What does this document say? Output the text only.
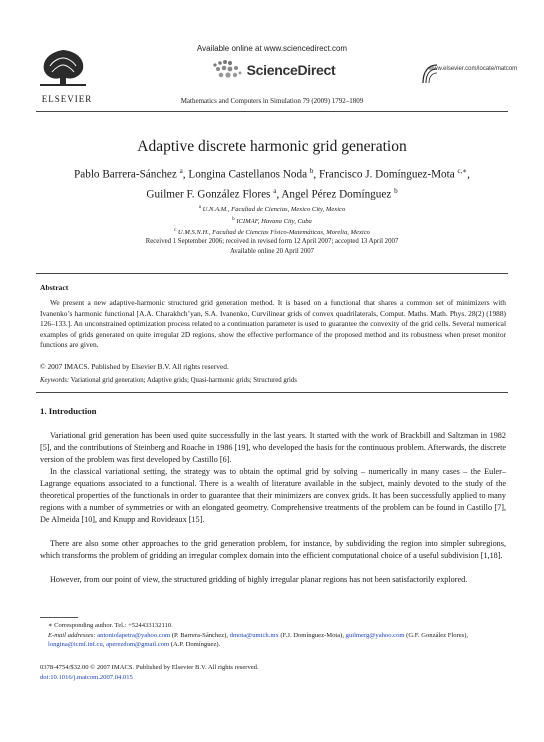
ELSEVIER
Available online at www.sciencedirect.com
ScienceDirect
Mathematics and Computers in Simulation 79 (2009) 1792–1809
www.elsevier.com/locate/matcom
Adaptive discrete harmonic grid generation
Pablo Barrera-Sánchez $^a$, Longina Castellanos Noda $^b$, Francisco J. Domínguez-Mota $^{c,∗}$,
Guilmer F. González Flores $^a$, Angel Pérez Domínguez $^b$
$^a$ U.N.A.M., Facultad de Ciencias, Mexico City, Mexico
$^b$ ICIMAF, Havana City, Cuba
$^c$ U.M.S.N.H., Facultad de Ciencias Físico-Matemáticas, Morelia, Mexico
Received 1 September 2006; received in revised form 12 April 2007; accepted 13 April 2007
Available online 20 April 2007
Abstract
We present a new adaptive-harmonic structured grid generation method. It is based on a functional that shares a common set of minimizers with Ivanenko’s harmonic functional [A.A. Charakhch’yan, S.A. Ivanenko, Curvilinear grids of convex quadrilaterals, Comput. Maths. Math. Phys. 28(2) (1988) 126–133.]. An unconstrained optimization process related to a continuation parameter is used to guarantee the convexity of the grid cells. Several numerical examples of grids generated on quite irregular 2D regions, show the effective performance of the proposed method and its robustness when preset monitor functions are given.
© 2007 IMACS. Published by Elsevier B.V. All rights reserved.
Keywords: Variational grid generation; Adaptive grids; Quasi-harmonic grids; Structured grids
1. Introduction

Variational grid generation has been used quite successfully in the last years. It started with the work of Brackbill and Saltzman in 1982 [5], and the contributions of Steinberg and Roache in 1986 [19], who developed the basis for the continuous problem. Afterwards, the discrete version of the problem was first developed by Castillo [6].

In the classical variational setting, the strategy was to obtain the optimal grid by solving – numerically in many cases – the Euler–Lagrange equations associated to a functional. There is a wealth of literature available in the subject, mainly devoted to the study of the theoretical properties of the functionals in order to guarantee that their minimizers are convex grids. It has been successfully applied to many regions with a number of symmetries or with an elongated geometry. Comprehensive treatments of the problem can be found in Castillo [7], De Almeida [10], and Knupp and Rovideaux [15].

There are also some other approaches to the grid generation problem, for instance, by subdividing the region into simpler subregions, which transforms the problem of gridding an irregular complex domain into the efficient computational choice of a useful subdivision [1,18].

However, from our point of view, the structured gridding of highly irregular planar regions has not been satisfactorily explored.

∗ Corresponding author. Tel.: +524433132110.
E-mail addresses: antoniolapetra@yahoo.com (P. Barrera-Sánchez), dmota@umich.mx (F.J. Domínguez-Mota), guilmerg@yahoo.com (G.F. González Flores), longina@icmf.inf.cu, aperezdom@gmail.com (A.P. Domínguez).
0378-4754/$32.00 © 2007 IMACS. Published by Elsevier B.V. All rights reserved.
doi:10.1016/j.matcom.2007.04.015
